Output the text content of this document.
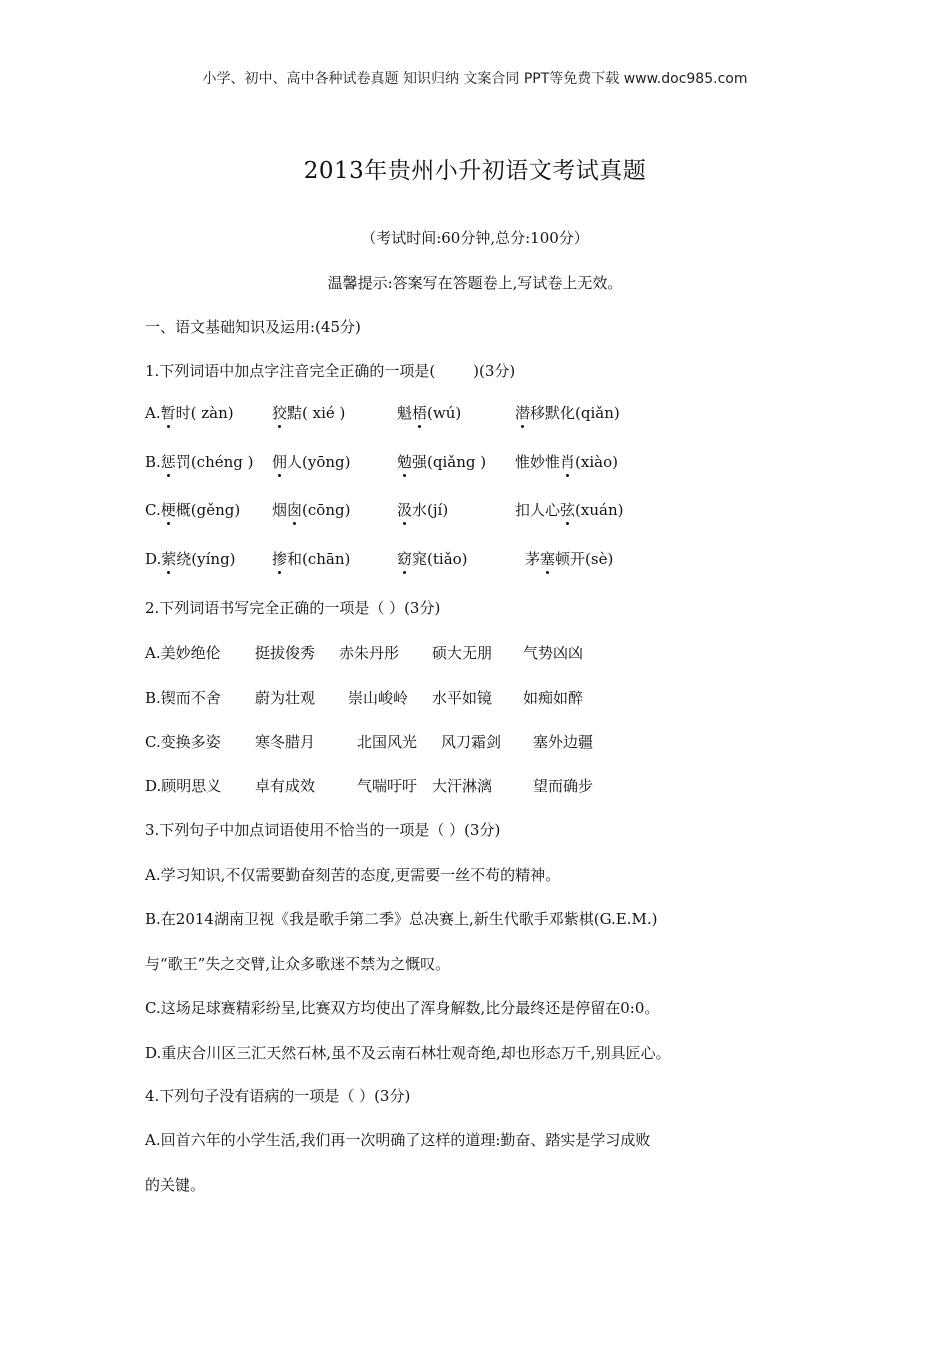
小学、初中、高中各种试卷真题 知识归纳 文案合同 PPT等免费下载 www.doc985.com
2013年贵州小升初语文考试真题
（考试时间:60分钟,总分:100分）
温馨提示:答案写在答题卷上,写试卷上无效。
一、语文基础知识及运用:(45分)
1.下列词语中加点字注音完全正确的一项是(	)(3分)
A.暂时( zàn)	狡黠( xié )	魁梧(wú)	潜移默化(qiǎn)
B.惩罚(chéng ) 佣人(yōng)	勉强(qiǎng ) 惟妙惟肖(xiào)
C.梗概(gěng) 烟囱(cōng)	汲水(jí)	扣人心弦(xuán)
D.萦绕(yíng) 掺和(chān)	窈窕(tiǎo)	茅塞顿开(sè)
2.下列词语书写完全正确的一项是（ ）(3分)
A.美妙绝伦 挺拔俊秀 赤朱丹彤 硕大无朋 气势凶凶
B.锲而不舍 蔚为壮观 崇山峻岭 水平如镜 如痴如醉
C.变换多姿 寒冬腊月	北国风光 风刀霜剑 塞外边疆
D.顾明思义 卓有成效	气喘吁吁 大汗淋漓	望而确步
3.下列句子中加点词语使用不恰当的一项是（ ）(3分)
A.学习知识,不仅需要勤奋刻苦的态度,更需要一丝不苟的精神。
B.在2014湖南卫视《我是歌手第二季》总决赛上,新生代歌手邓紫棋(G.E.M.)
与“歌王”失之交臂,让众多歌迷不禁为之慨叹。
C.这场足球赛精彩纷呈,比赛双方均使出了浑身解数,比分最终还是停留在0:0。
D.重庆合川区三汇天然石林,虽不及云南石林壮观奇绝,却也形态万千,别具匠心。
4.下列句子没有语病的一项是（ ）(3分)
A.回首六年的小学生活,我们再一次明确了这样的道理:勤奋、踏实是学习成败
的关键。
